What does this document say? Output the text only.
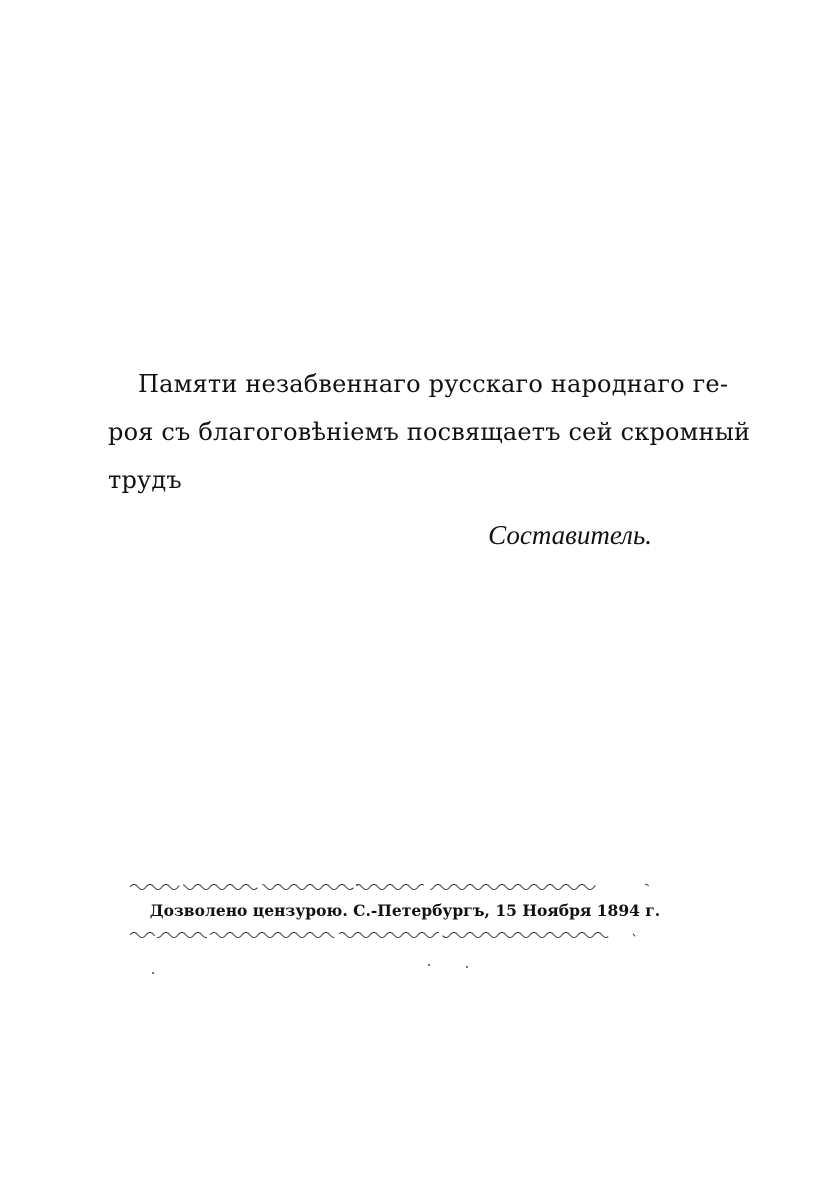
Памяти незабвеннаго русскаго народнаго ге-
роя съ благоговѣніемъ посвящаетъ сей скромный
трудъ
Составитель.
Дозволено цензурою. С.-Петербургъ, 15 Ноября 1894 г.
